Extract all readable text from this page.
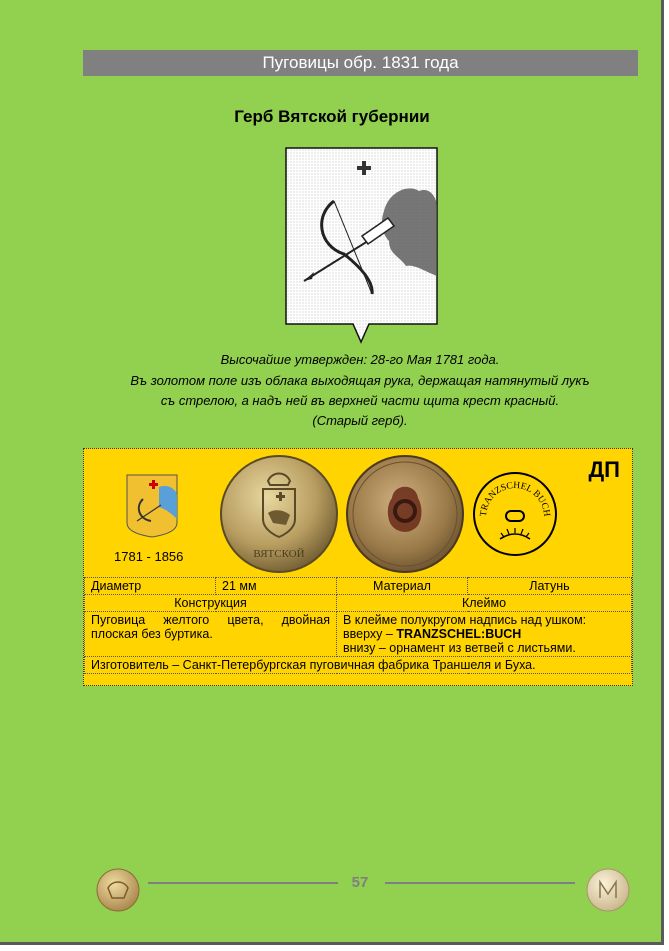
Пуговицы обр. 1831 года
Герб Вятской губернии
Высочайше утвержден: 28-го Мая 1781 года.
Въ золотом поле изъ облака выходящая рука, держащая натянутый лукъ
съ стрелою, а надъ ней въ верхней части щита крест красный.
(Старый герб).
ДП
1781 - 1856	ВЯТСКОЙ
TRANZSCHEL BUCH
Диаметр	21 мм	Материал	Латунь
Конструкция		Клеймо	
Пуговица желтого цвета, двойная плоская без буртика.		В клейме полукругом надпись над ушком:
вверху – TRANZSCHEL:BUCH
внизу – орнамент из ветвей с листьями.	

Изготовитель – Санкт-Петербургская пуговичная фабрика Траншеля и Буха.			
57
